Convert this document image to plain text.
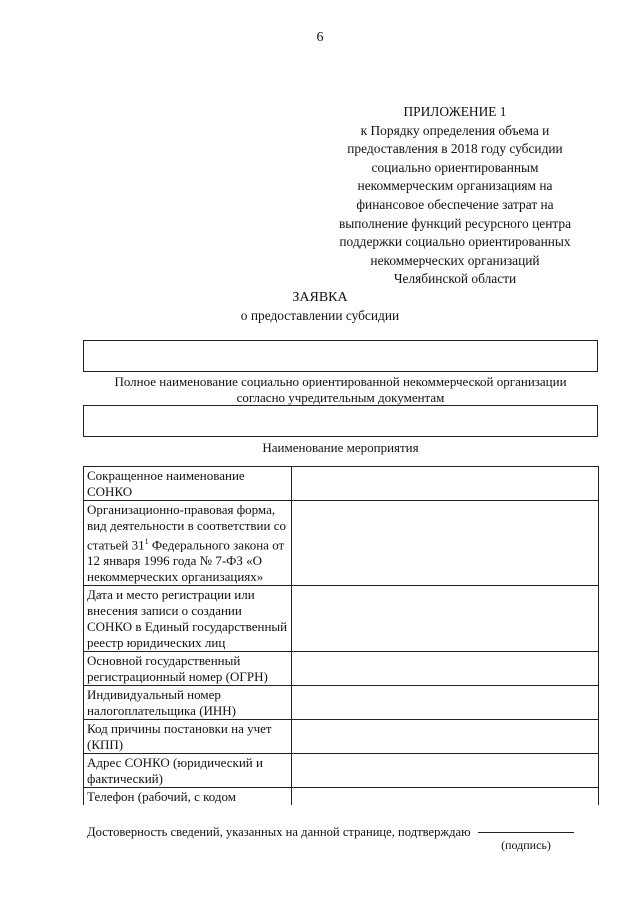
6
ПРИЛОЖЕНИЕ 1
к Порядку определения объема и
предоставления в 2018 году субсидии
социально ориентированным
некоммерческим организациям на
финансовое обеспечение затрат на
выполнение функций ресурсного центра
поддержки социально ориентированных
некоммерческих организаций
Челябинской области
ЗАЯВКА
о предоставлении субсидии
Полное наименование социально ориентированной некоммерческой организации
согласно учредительным документам
Наименование мероприятия
Сокращенное наименование СОНКО	
Организационно-правовая форма, вид деятельности в соответствии со статьей $31^1$ Федерального закона от 12 января 1996 года № 7-ФЗ «О некоммерческих организациях»	
Дата и место регистрации или внесения записи о создании СОНКО в Единый государственный реестр юридических лиц	
Основной государственный регистрационный номер (ОГРН)	
Индивидуальный номер налогоплательщика (ИНН)	
Код причины постановки на учет (КПП)	
Адрес СОНКО (юридический и фактический)	
Телефон (рабочий, с кодом	
Достоверность сведений, указанных на данной странице, подтверждаю
(подпись)
